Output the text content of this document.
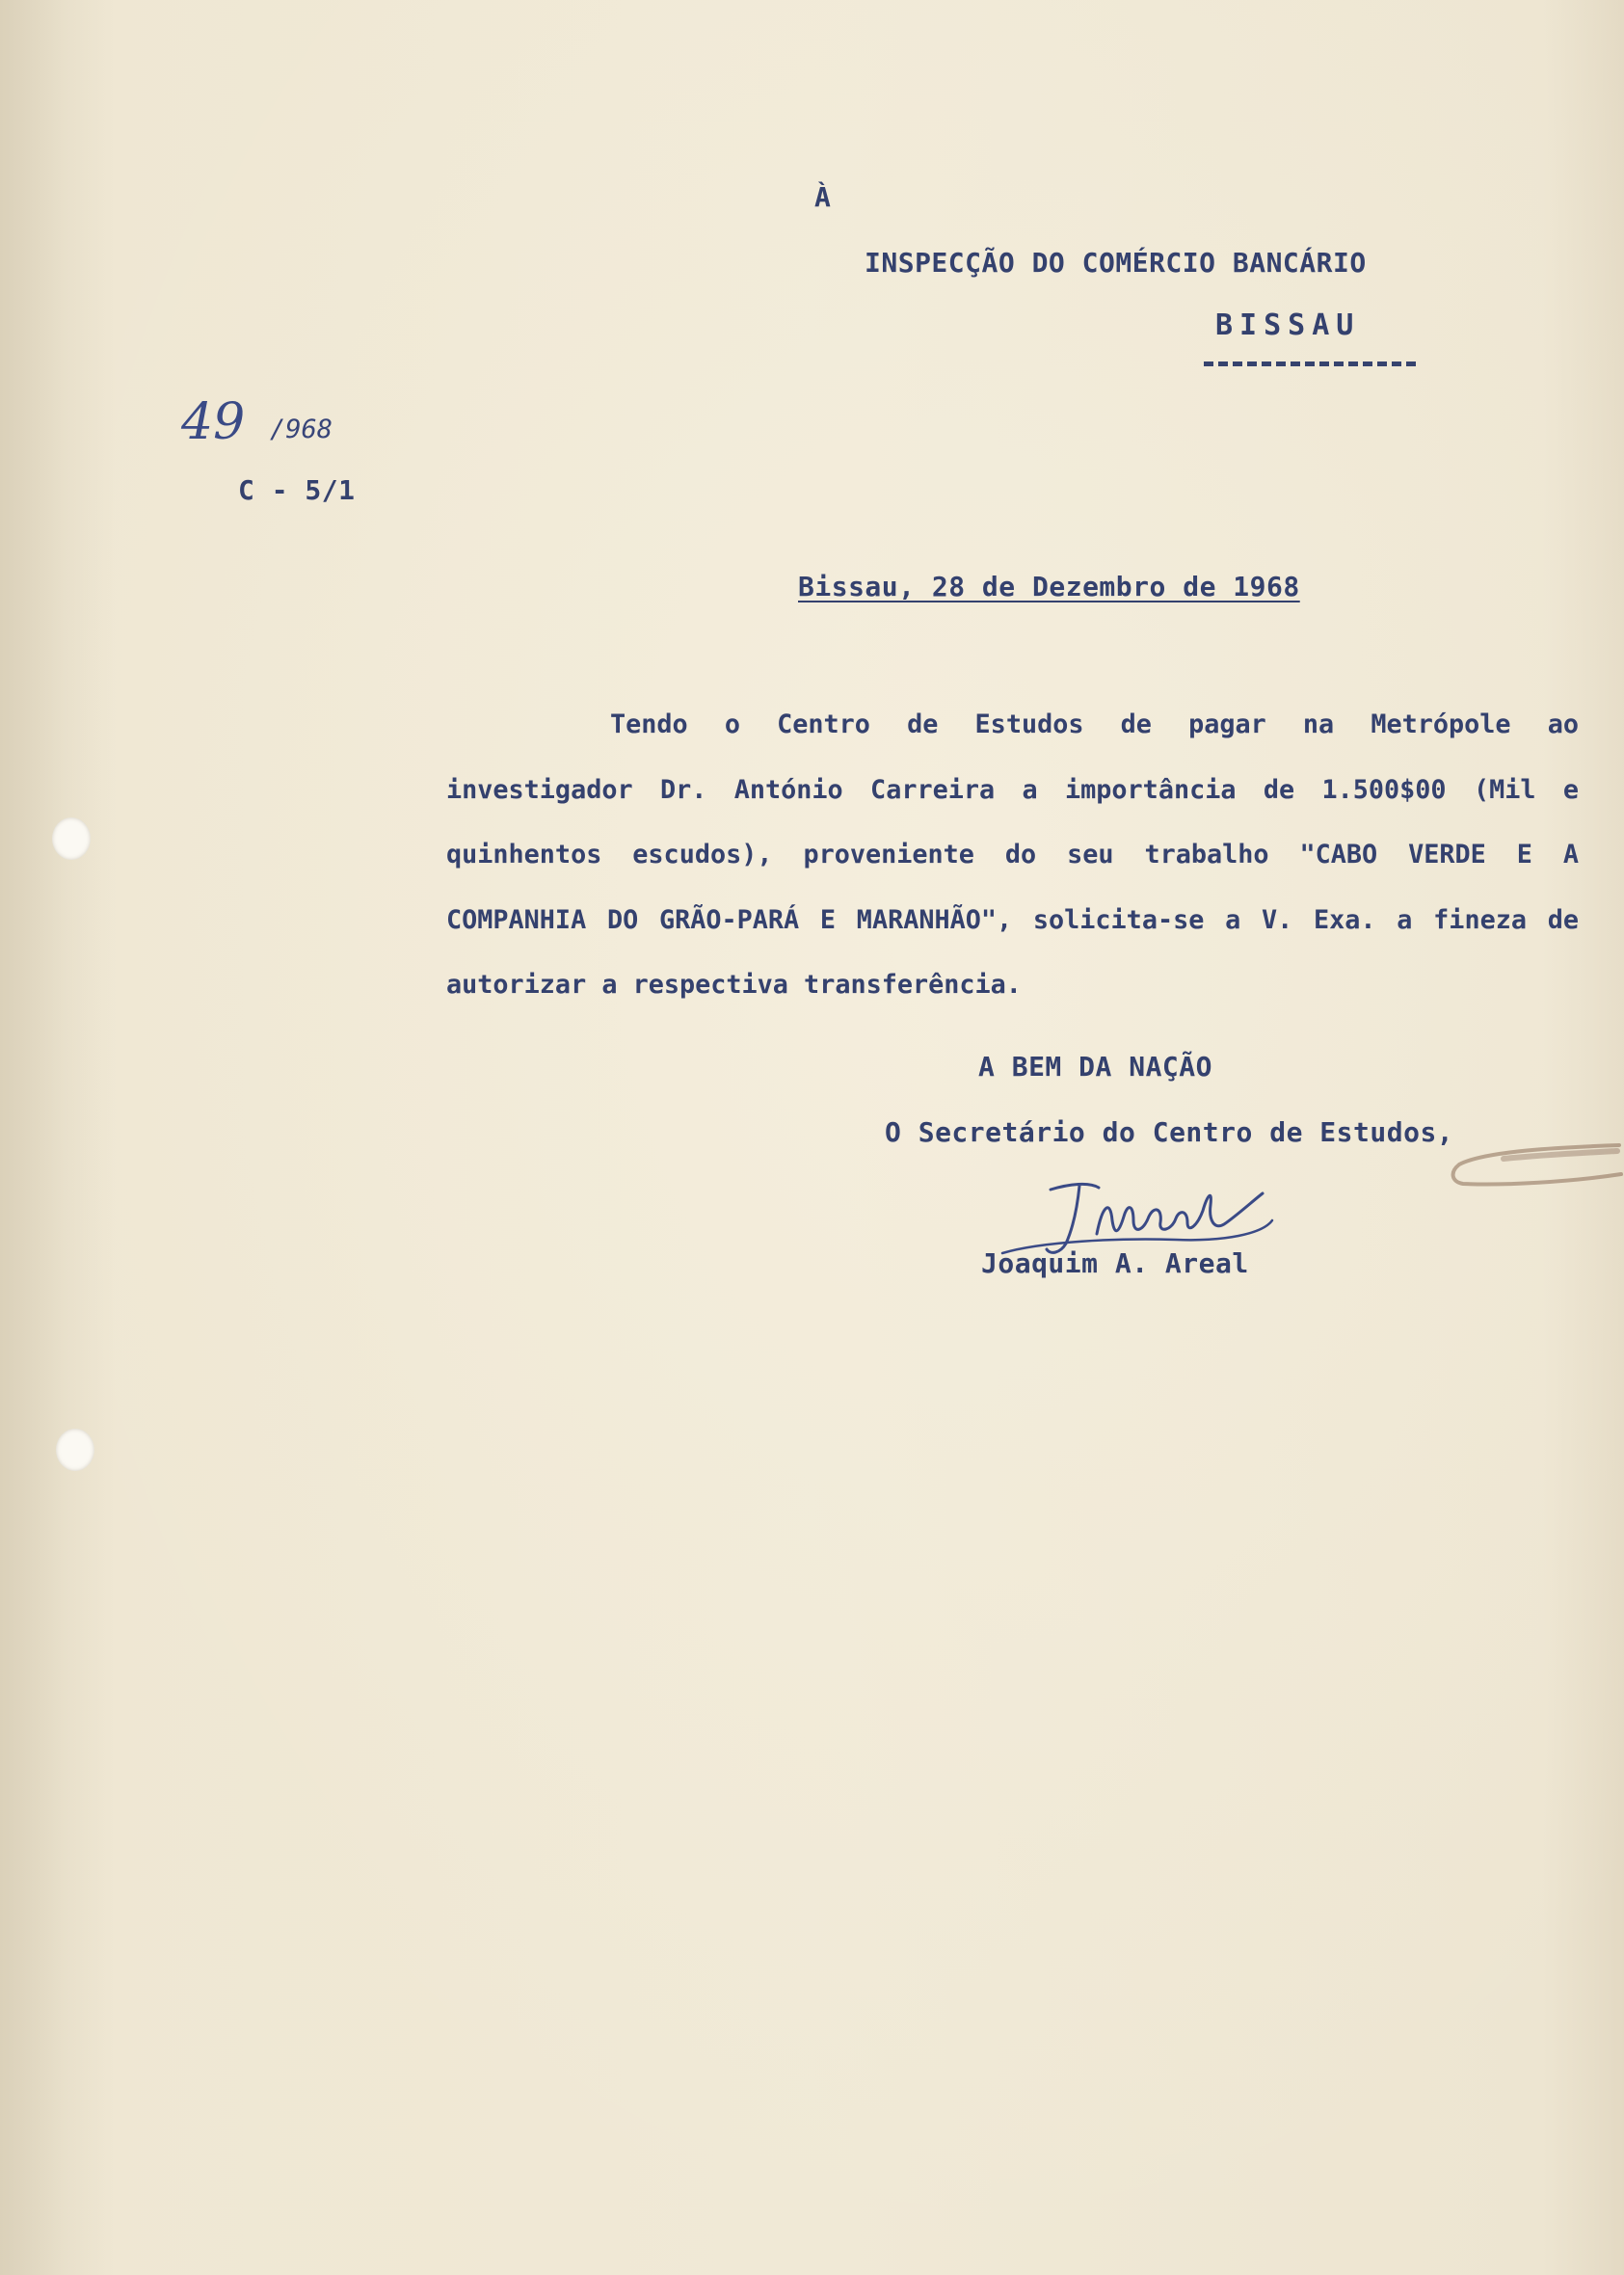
À
INSPECÇÃO DO COMÉRCIO BANCÁRIO
BISSAU
49 /968
C - 5/1
Bissau, 28 de Dezembro de 1968
Tendo o Centro de Estudos de pagar na Metrópole ao investigador Dr. António Carreira a importância de 1.500$00 (Mil e quinhentos escudos), proveniente do seu trabalho "CABO VERDE E A COMPANHIA DO GRÃO-PARÁ E MARANHÃO", solicita-se a V. Exa. a fineza de autorizar a respectiva transferência.
A BEM DA NAÇÃO
O Secretário do Centro de Estudos,
Joaquim A. Areal
